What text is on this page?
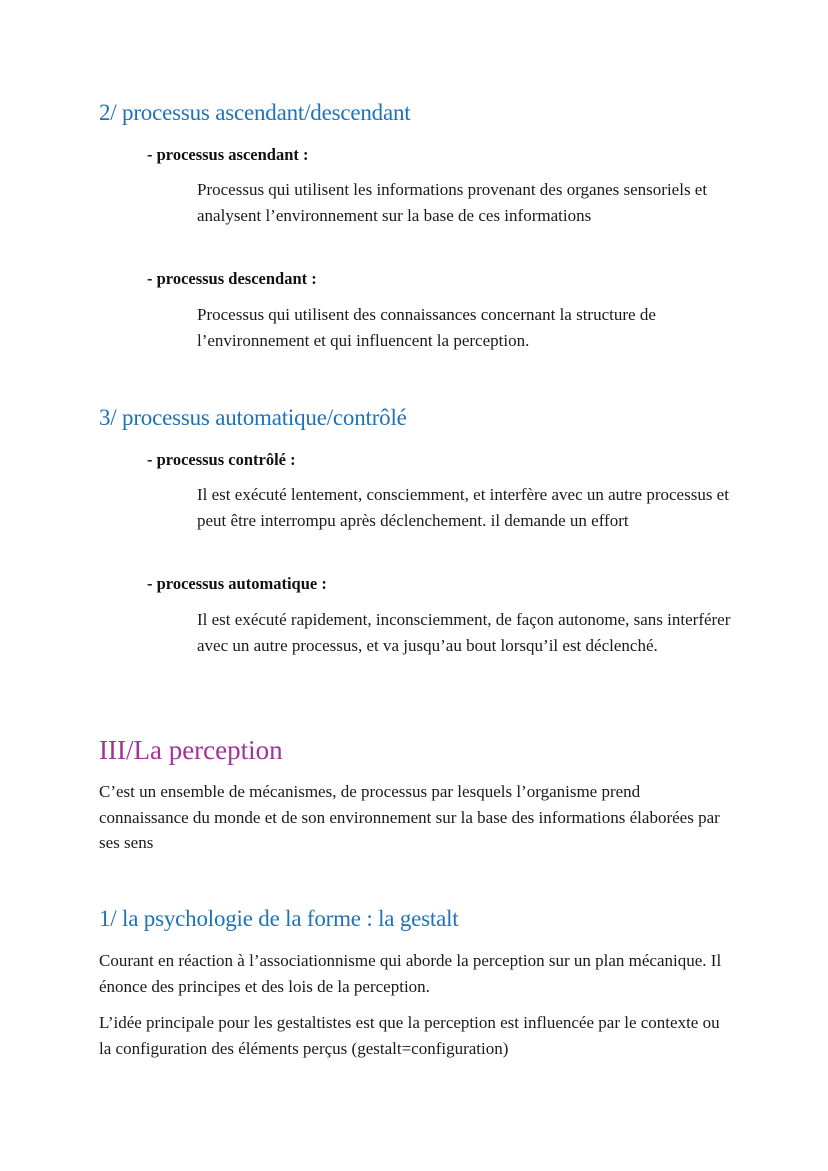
2/ processus ascendant/descendant

- processus ascendant :

Processus qui utilisent les informations provenant des organes sensoriels et analysent l’environnement sur la base de ces informations

- processus descendant :

Processus qui utilisent des connaissances concernant la structure de l’environnement et qui influencent la perception.

3/ processus automatique/contrôlé

- processus contrôlé :

Il est exécuté lentement, consciemment, et interfère avec un autre processus et peut être interrompu après déclenchement. il demande un effort

- processus automatique :

Il est exécuté rapidement, inconsciemment, de façon autonome, sans interférer avec un autre processus, et va jusqu’au bout lorsqu’il est déclenché.

III/La perception

C’est un ensemble de mécanismes, de processus par lesquels l’organisme prend connaissance du monde et de son environnement sur la base des informations élaborées par ses sens

1/ la psychologie de la forme : la gestalt

Courant en réaction à l’associationnisme qui aborde la perception sur un plan mécanique. Il énonce des principes et des lois de la perception.

L’idée principale pour les gestaltistes est que la perception est influencée par le contexte ou la configuration des éléments perçus (gestalt=configuration)
